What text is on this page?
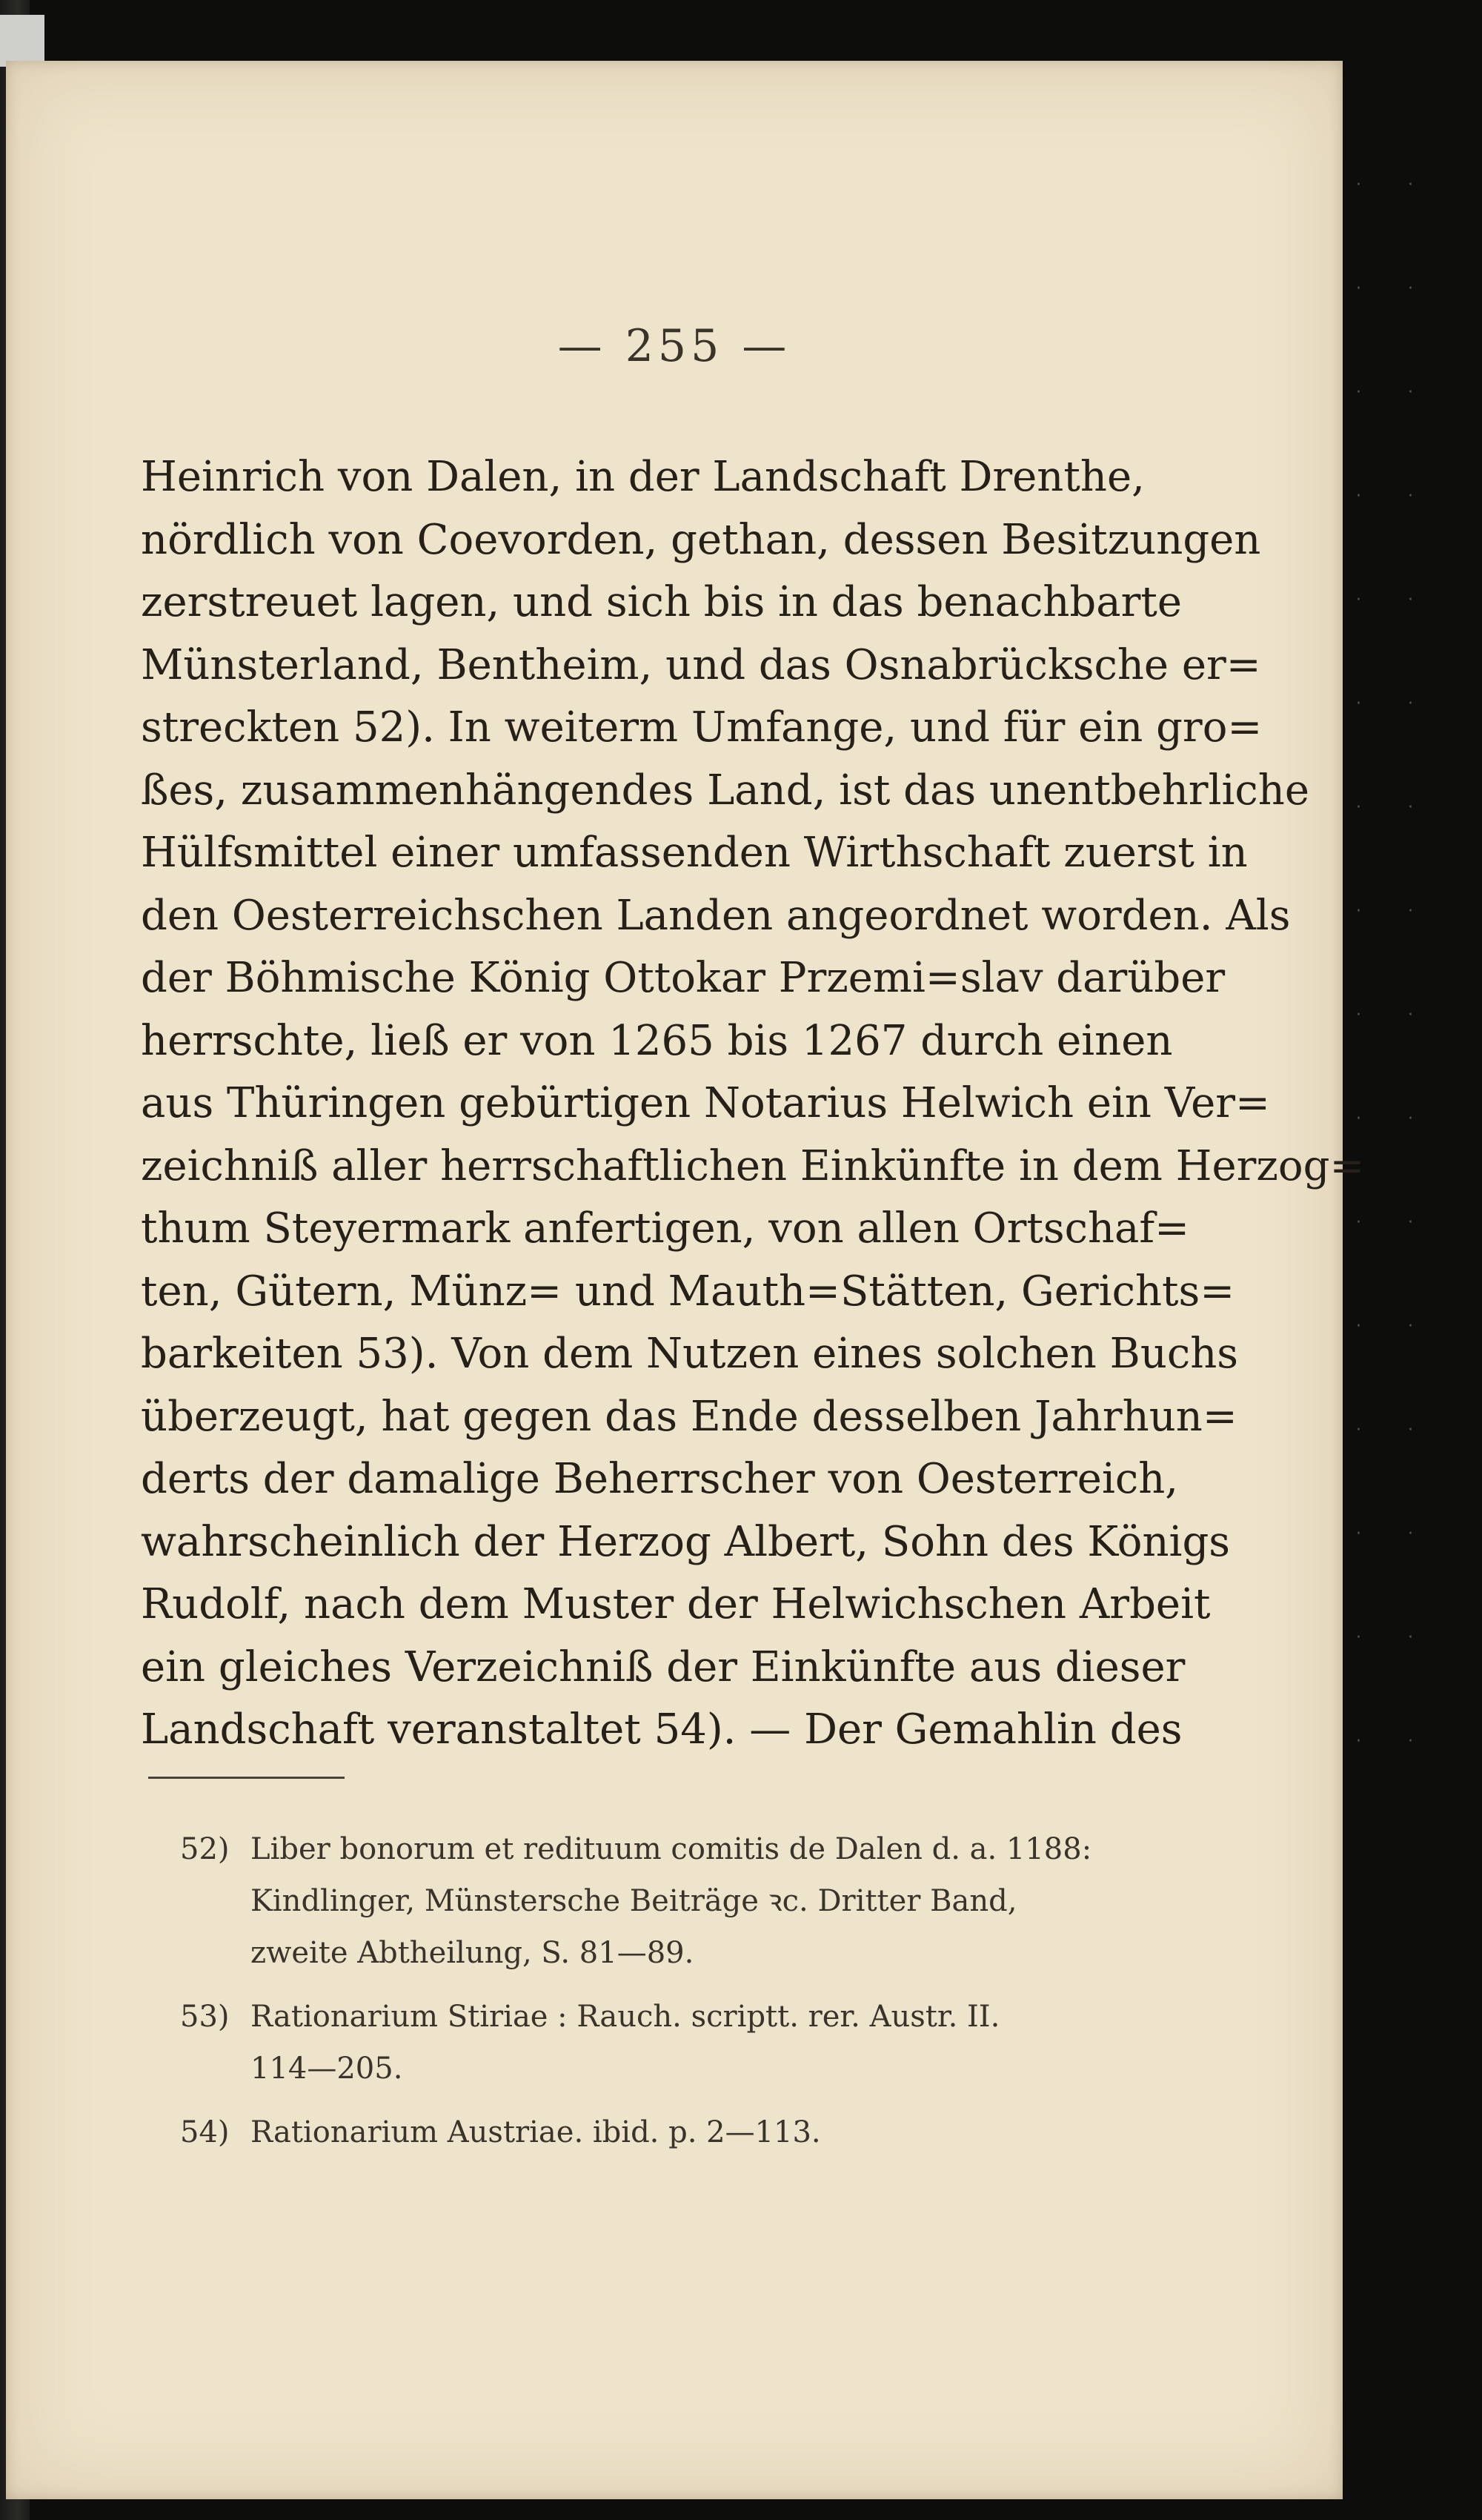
· · · · · · · · · · · · · · · · · · · · · · · · · · · · · · · ·
— 255 —
Heinrich von Dalen, in der Landschaft Drenthe,
nördlich von Coevorden, gethan, dessen Besitzungen
zerstreuet lagen, und sich bis in das benachbarte
Münsterland, Bentheim, und das Osnabrücksche er=
streckten 52). In weiterm Umfange, und für ein gro=
ßes, zusammenhängendes Land, ist das unentbehrliche
Hülfsmittel einer umfassenden Wirthschaft zuerst in
den Oesterreichschen Landen angeordnet worden. Als
der Böhmische König Ottokar Przemi=slav darüber
herrschte, ließ er von 1265 bis 1267 durch einen
aus Thüringen gebürtigen Notarius Helwich ein Ver=
zeichniß aller herrschaftlichen Einkünfte in dem Herzog=
thum Steyermark anfertigen, von allen Ortschaf=
ten, Gütern, Münz= und Mauth=Stätten, Gerichts=
barkeiten 53). Von dem Nutzen eines solchen Buchs
überzeugt, hat gegen das Ende desselben Jahrhun=
derts der damalige Beherrscher von Oesterreich,
wahrscheinlich der Herzog Albert, Sohn des Königs
Rudolf, nach dem Muster der Helwichschen Arbeit
ein gleiches Verzeichniß der Einkünfte aus dieser
Landschaft veranstaltet 54). — Der Gemahlin des
52) Liber bonorum et redituum comitis de Dalen d. a. 1188:
Kindlinger, Münstersche Beiträge ꝛc. Dritter Band,
zweite Abtheilung, S. 81—89.
53) Rationarium Stiriae : Rauch. scriptt. rer. Austr. II.
114—205.
54) Rationarium Austriae. ibid. p. 2—113.
